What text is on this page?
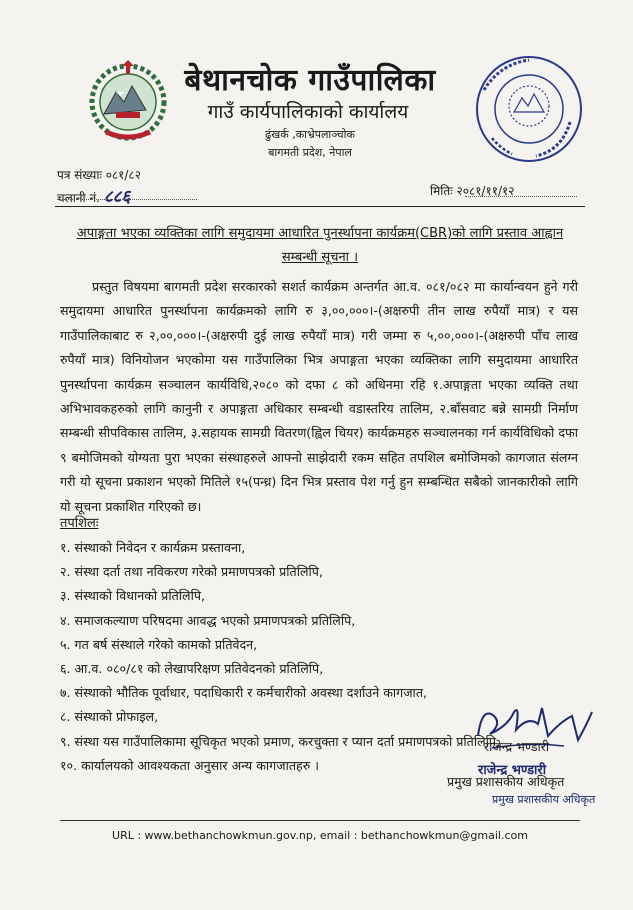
बेथानचोक गाउँपालिका
गाउँ कार्यपालिकाको कार्यालय
ढुंखर्क ,काभ्रेपलाञ्चोक
बागमती प्रदेश, नेपाल
पत्र संख्याः ०८१/८२
चलानी नं. ८८६	मितिः २०८१/११/१२
अपाङ्गता भएका व्यक्तिका लागि समुदायमा आधारित पुनर्स्थापना कार्यक्रम(CBR)को लागि प्रस्ताव आह्वान सम्बन्धी सूचना ।
प्रस्तुत विषयमा बागमती प्रदेश सरकारको सशर्त कार्यक्रम अन्तर्गत आ.व. ०८१/०८२ मा कार्यान्वयन हुने गरी समुदायमा आधारित पुनर्स्थापना कार्यक्रमको लागि रु ३,००,०००।-(अक्षरुपी तीन लाख रुपैयाँ मात्र) र यस गाउँपालिकाबाट रु २,००,०००।-(अक्षरुपी दुई लाख रुपैयाँ मात्र) गरी जम्मा रु ५,००,०००।-(अक्षरुपी पाँच लाख रुपैयाँ मात्र) विनियोजन भएकोमा यस गाउँपालिका भित्र अपाङ्गता भएका व्यक्तिका लागि समुदायमा आधारित पुनर्स्थापना कार्यक्रम सञ्चालन कार्यविधि,२०८० को दफा ८ को अधिनमा रहि १.अपाङ्गता भएका व्यक्ति तथा अभिभावकहरुको लागि कानुनी र अपाङ्गता अधिकार सम्बन्धी वडास्तरिय तालिम, २.बाँसवाट बन्ने सामग्री निर्माण सम्बन्धी सीपविकास तालिम, ३.सहायक सामग्री वितरण(ह्विल चियर) कार्यक्रमहरु सञ्चालनका गर्न कार्यविधिको दफा ९ बमोजिमको योग्यता पुरा भएका संस्थाहरुले आफ्नो साझेदारी रकम सहित तपशिल बमोजिमको कागजात संलग्न गरी यो सूचना प्रकाशन भएको मितिले १५(पन्ध्र) दिन भित्र प्रस्ताव पेश गर्नु हुन सम्बन्धित सबैको जानकारीको लागि यो सूचना प्रकाशित गरिएको छ।
तपशिलः
१. संस्थाको निवेदन र कार्यक्रम प्रस्तावना,
२. संस्था दर्ता तथा नविकरण गरेको प्रमाणपत्रको प्रतिलिपि,
३. संस्थाको विधानको प्रतिलिपि,
४. समाजकल्याण परिषदमा आवद्ध भएको प्रमाणपत्रको प्रतिलिपि,
५. गत बर्ष संस्थाले गरेको कामको प्रतिवेदन,
६. आ.व. ०८०/८१ को लेखापरिक्षण प्रतिवेदनको प्रतिलिपि,
७. संस्थाको भौतिक पूर्वाधार, पदाधिकारी र कर्मचारीको अवस्था दर्शाउने कागजात,
८. संस्थाको प्रोफाइल,
९. संस्था यस गाउँपालिकामा सूचिकृत भएको प्रमाण, करचुक्ता र प्यान दर्ता प्रमाणपत्रको प्रतिलिपि,
१०. कार्यालयको आवश्यकता अनुसार अन्य कागजातहरु ।
राजेन्द्र भण्डारी
राजेन्द्र भण्डारी
प्रमुख प्रशासकीय अधिकृत
प्रमुख प्रशासकीय अधिकृत
URL : www.bethanchowkmun.gov.np, email : bethanchowkmun@gmail.com
